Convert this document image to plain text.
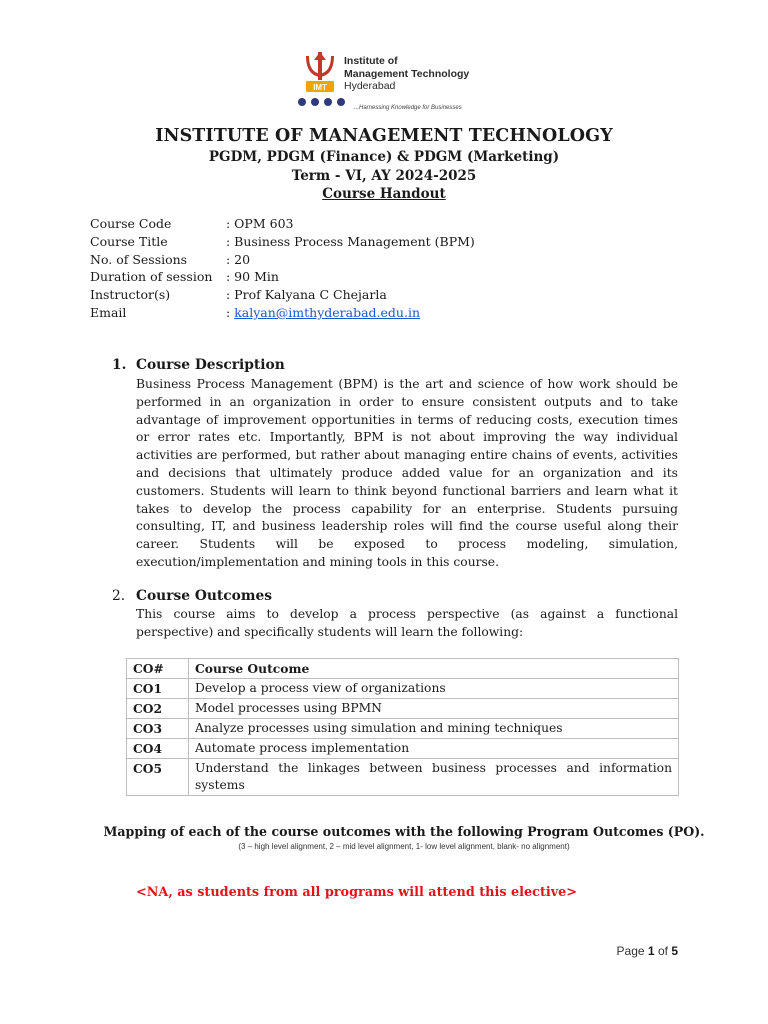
IMT
Institute of
Management Technology
Hyderabad
...Harnessing Knowledge for Businesses
INSTITUTE OF MANAGEMENT TECHNOLOGY
PGDM, PDGM (Finance) & PDGM (Marketing)
Term - VI, AY 2024-2025
Course Handout
Course Code	: OPM 603
Course Title	: Business Process Management (BPM)
No. of Sessions	: 20
Duration of session	: 90 Min
Instructor(s)	: Prof Kalyana C Chejarla
Email	: kalyan@imthyderabad.edu.in
1. Course Description
Business Process Management (BPM) is the art and science of how work should be performed in an organization in order to ensure consistent outputs and to take advantage of improvement opportunities in terms of reducing costs, execution times or error rates etc. Importantly, BPM is not about improving the way individual activities are performed, but rather about managing entire chains of events, activities and decisions that ultimately produce added value for an organization and its customers. Students will learn to think beyond functional barriers and learn what it takes to develop the process capability for an enterprise. Students pursuing consulting, IT, and business leadership roles will find the course useful along their career. Students will be exposed to process modeling, simulation, execution/implementation and mining tools in this course.
2. Course Outcomes
This course aims to develop a process perspective (as against a functional perspective) and specifically students will learn the following:
CO#	Course Outcome
CO1	Develop a process view of organizations
CO2	Model processes using BPMN
CO3	Analyze processes using simulation and mining techniques
CO4	Automate process implementation
CO5	Understand the linkages between business processes and information systems
Mapping of each of the course outcomes with the following Program Outcomes (PO).
(3 – high level alignment, 2 – mid level alignment, 1- low level alignment, blank- no alignment)
<NA, as students from all programs will attend this elective>
Page 1 of 5
